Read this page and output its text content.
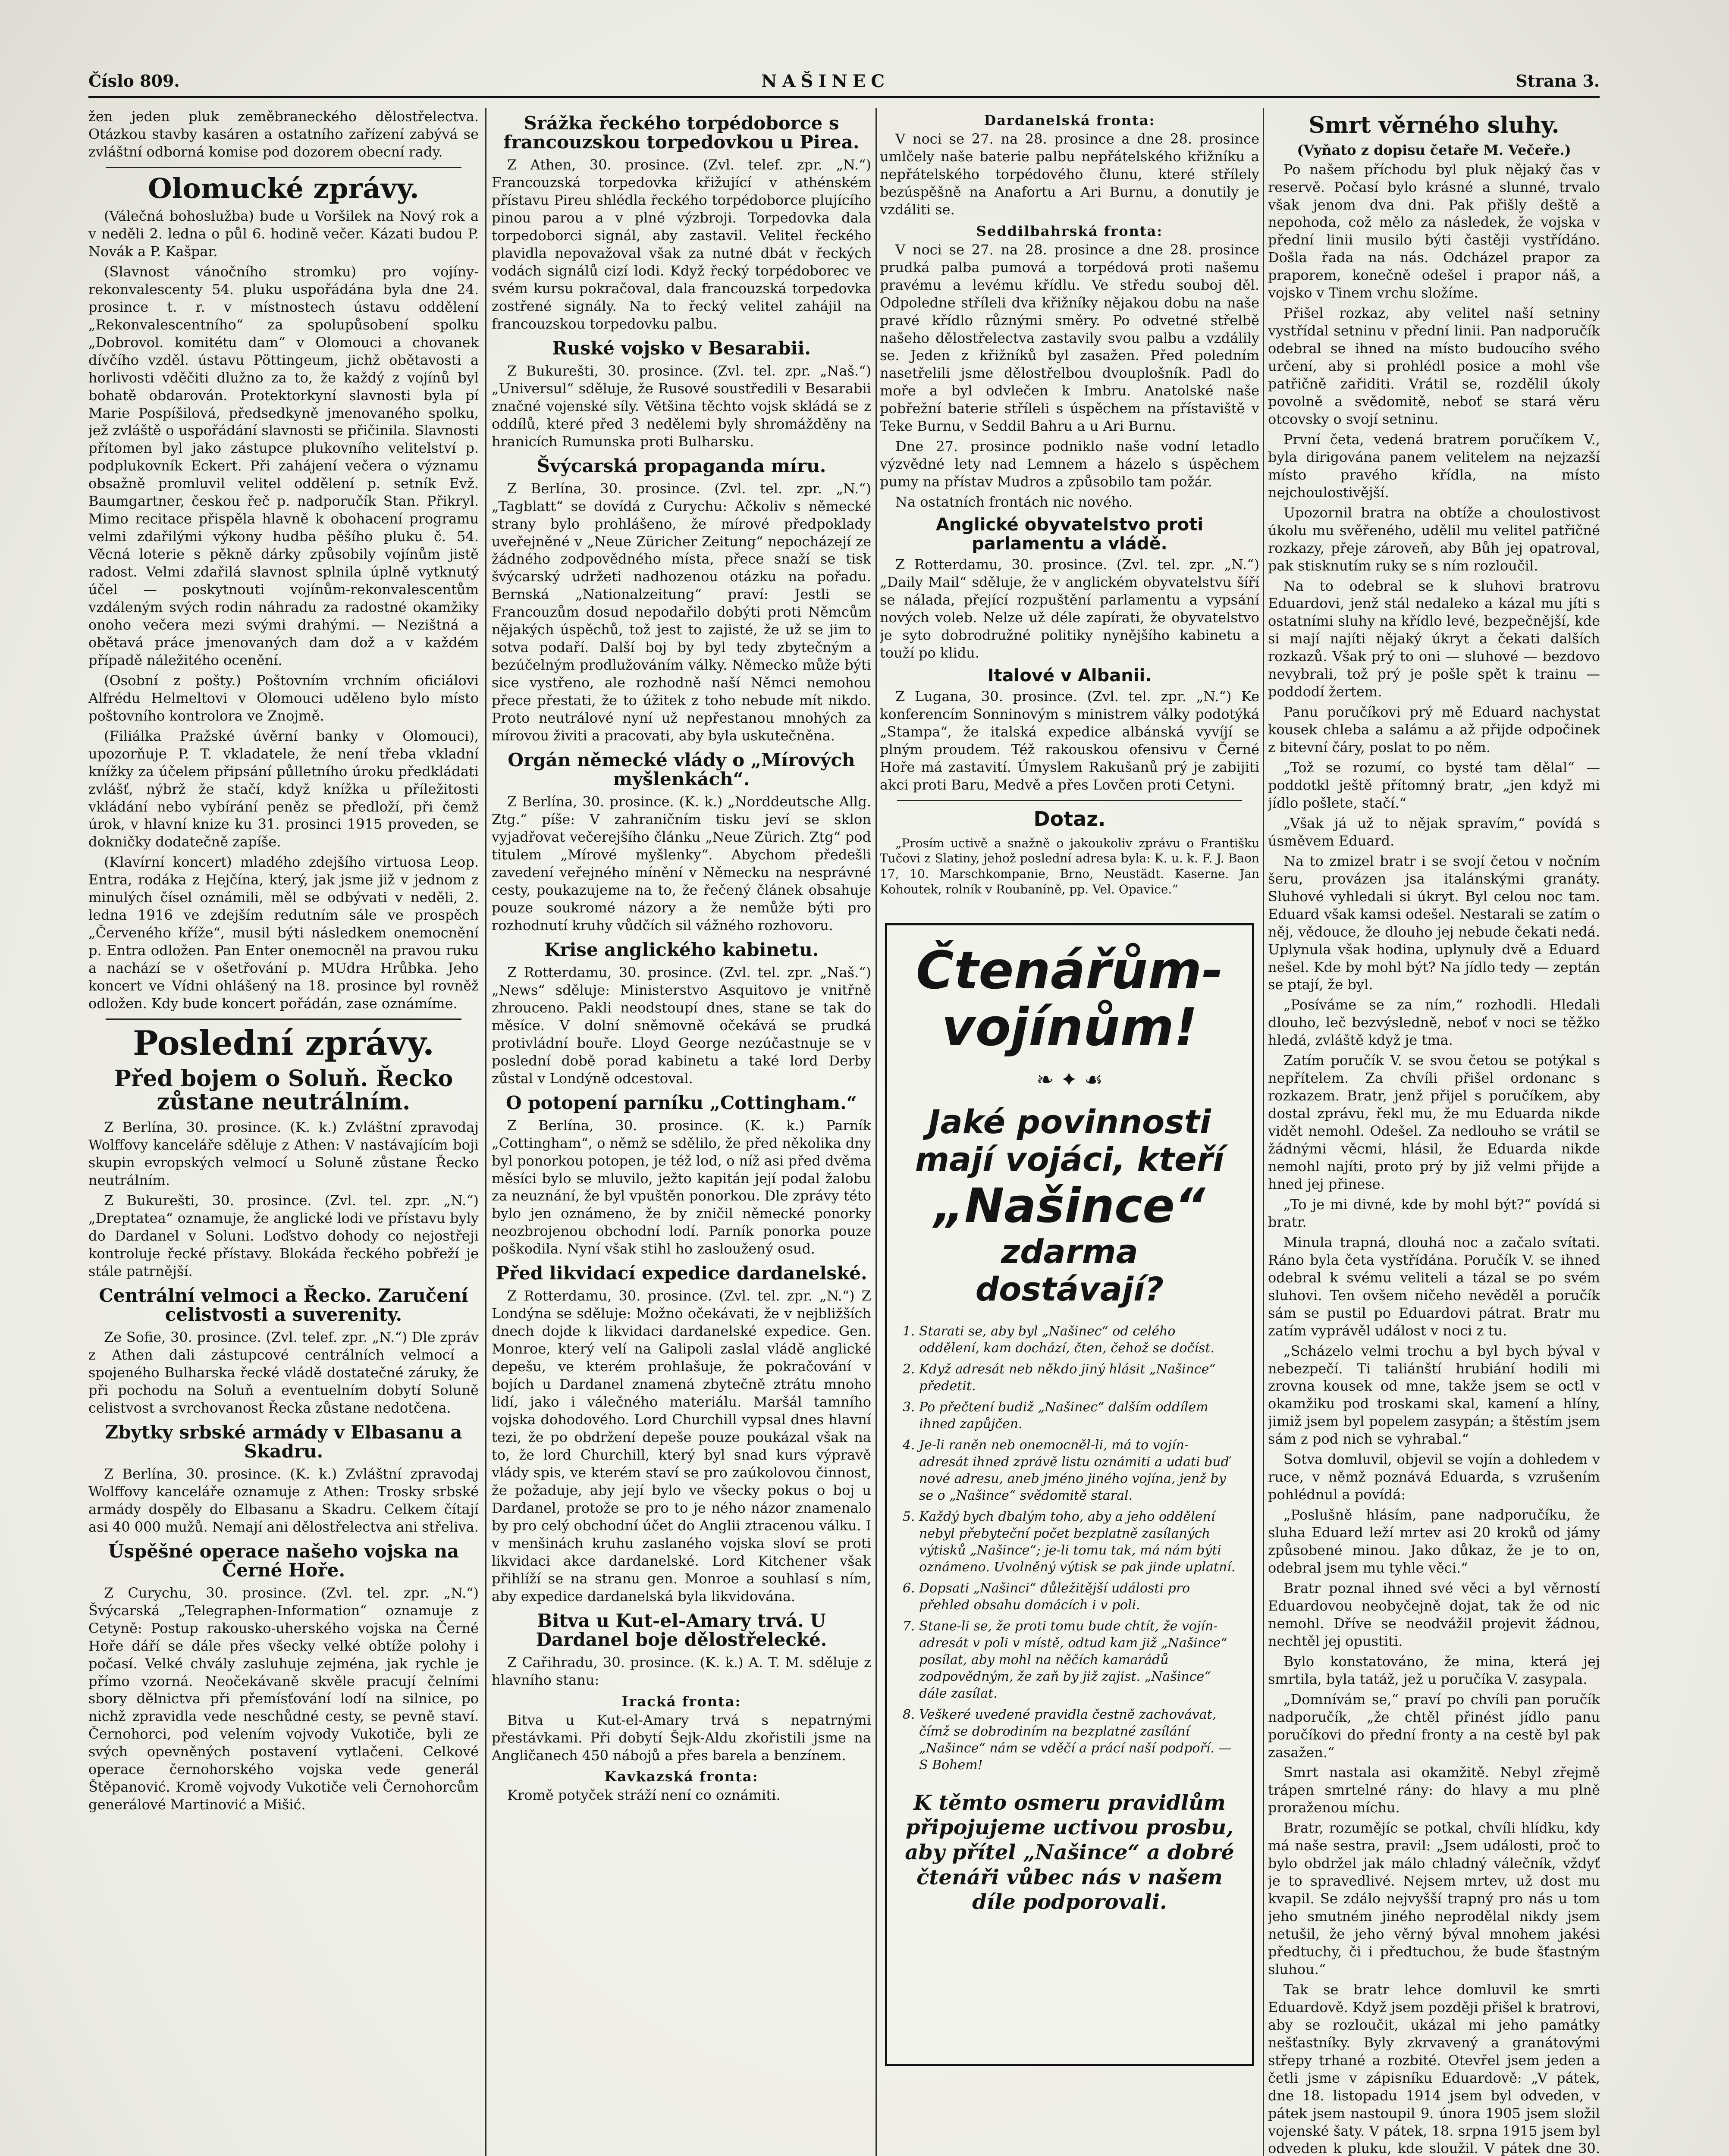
Číslo 809.	NAŠINEC	Strana 3.

žen jeden pluk zeměbraneckého dělostřelectva. Otázkou stavby kasáren a ostatního zařízení zabývá se zvláštní odborná komise pod dozorem obecní rady.

Olomucké zprávy.

(Válečná bohoslužba) bude u Voršilek na Nový rok a v neděli 2. ledna o půl 6. hodině večer. Kázati budou P. Novák a P. Kašpar.

(Slavnost vánočního stromku) pro vojíny-rekonvalescenty 54. pluku uspořádána byla dne 24. prosince t. r. v místnostech ústavu oddělení „Rekonvalescentního“ za spolupůsobení spolku „Dobrovol. komitétu dam“ v Olomouci a chovanek dívčího vzděl. ústavu Pöttingeum, jichž obětavosti a horlivosti vděčiti dlužno za to, že každý z vojínů byl bohatě obdarován. Protektorkyní slavnosti byla pí Marie Pospíšilová, předsedkyně jmenovaného spolku, jež zvláště o uspořádání slavnosti se přičinila. Slavnosti přítomen byl jako zástupce plukovního velitelství p. podplukovník Eckert. Při zahájení večera o významu obsažně promluvil velitel oddělení p. setník Evž. Baumgartner, českou řeč p. nadporučík Stan. Přikryl. Mimo recitace přispěla hlavně k obohacení programu velmi zdařilými výkony hudba pěšího pluku č. 54. Věcná loterie s pěkně dárky způsobily vojínům jistě radost. Velmi zdařilá slavnost splnila úplně vytknutý účel — poskytnouti vojínům-rekonvalescentům vzdáleným svých rodin náhradu za radostné okamžiky onoho večera mezi svými drahými. — Nezištná a obětavá práce jmenovaných dam dož a v každém případě náležitého ocenění.

(Osobní z pošty.) Poštovním vrchním oficiálovi Alfrédu Helmeltovi v Olomouci uděleno bylo místo poštovního kontrolora ve Znojmě.

(Filiálka Pražské úvěrní banky v Olomouci), upozorňuje P. T. vkladatele, že není třeba vkladní knížky za účelem připsání půlletního úroku předkládati zvlášť, nýbrž že stačí, když knížka u příležitosti vkládání nebo vybírání peněz se předloží, při čemž úrok, v hlavní knize ku 31. prosinci 1915 proveden, se dokničky dodatečně zapíše.

(Klavírní koncert) mladého zdejšího virtuosa Leop. Entra, rodáka z Hejčína, který, jak jsme již v jednom z minulých čísel oznámili, měl se odbývati v neděli, 2. ledna 1916 ve zdejším redutním sále ve prospěch „Červeného kříže“, musil býti následkem onemocnění p. Entra odložen. Pan Enter onemocněl na pravou ruku a nachází se v ošetřování p. MUdra Hrůbka. Jeho koncert ve Vídni ohlášený na 18. prosince byl rovněž odložen. Kdy bude koncert pořádán, zase oznámíme.

Poslední zprávy.
Před bojem o Soluň. Řecko zůstane neutrálním.

Z Berlína, 30. prosince. (K. k.) Zvláštní zpravodaj Wolffovy kanceláře sděluje z Athen: V nastávajícím boji skupin evropských velmocí u Soluně zůstane Řecko neutrálním.

Z Bukurešti, 30. prosince. (Zvl. tel. zpr. „N.“) „Dreptatea“ oznamuje, že anglické lodi ve přístavu byly do Dardanel v Soluni. Loďstvo dohody co nejostřeji kontroluje řecké přístavy. Blokáda řeckého pobřeží je stále patrnější.

Centrální velmoci a Řecko. Zaručení celistvosti a suverenity.

Ze Sofie, 30. prosince. (Zvl. telef. zpr. „N.“) Dle zpráv z Athen dali zástupcové centrálních velmocí a spojeného Bulharska řecké vládě dostatečné záruky, že při pochodu na Soluň a eventuelním dobytí Soluně celistvost a svrchovanost Řecka zůstane nedotčena.

Zbytky srbské armády v Elbasanu a Skadru.

Z Berlína, 30. prosince. (K. k.) Zvláštní zpravodaj Wolffovy kanceláře oznamuje z Athen: Trosky srbské armády dospěly do Elbasanu a Skadru. Celkem čítají asi 40 000 mužů. Nemají ani dělostřelectva ani střeliva.

Úspěšné operace našeho vojska na Černé Hoře.

Z Curychu, 30. prosince. (Zvl. tel. zpr. „N.“) Švýcarská „Telegraphen-Information“ oznamuje z Cetyně: Postup rakousko-uherského vojska na Černé Hoře dáří se dále přes všecky velké obtíže polohy i počasí. Velké chvály zasluhuje zejména, jak rychle je přímo vzorná. Neočekávaně skvěle pracují čelními sbory dělnictva při přemísťování lodí na silnice, po nichž zpravidla vede neschůdné cesty, se pevně staví. Černohorci, pod velením vojvody Vukotiče, byli ze svých opevněných postavení vytlačeni. Celkové operace černohorského vojska vede generál Štěpanović. Kromě vojvody Vukotiče veli Černohorcům generálové Martinović a Mišić.

Srážka řeckého torpédoborce s francouzskou torpedovkou u Pirea.

Z Athen, 30. prosince. (Zvl. telef. zpr. „N.“) Francouzská torpedovka křižující v athénském přístavu Pireu shlédla řeckého torpédoborce plujícího pinou parou a v plné výzbroji. Torpedovka dala torpedoborci signál, aby zastavil. Velitel řeckého plavidla nepovažoval však za nutné dbát v řeckých vodách signálů cizí lodi. Když řecký torpédoborec ve svém kursu pokračoval, dala francouzská torpedovka zostřené signály. Na to řecký velitel zahájil na francouzskou torpedovku palbu.

Ruské vojsko v Besarabii.

Z Bukurešti, 30. prosince. (Zvl. tel. zpr. „Naš.“) „Universul“ sděluje, že Rusové soustředili v Besarabii značné vojenské síly. Většina těchto vojsk skládá se z oddílů, které před 3 nedělemi byly shromážděny na hranicích Rumunska proti Bulharsku.

Švýcarská propaganda míru.

Z Berlína, 30. prosince. (Zvl. tel. zpr. „N.“) „Tagblatt“ se dovídá z Curychu: Ačkoliv s německé strany bylo prohlášeno, že mírové předpoklady uveřejněné v „Neue Züricher Zeitung“ nepocházejí ze žádného zodpovědného místa, přece snaží se tisk švýcarský udržeti nadhozenou otázku na pořadu. Bernská „Nationalzeitung“ praví: Jestli se Francouzům dosud nepodařilo dobýti proti Němcům nějakých úspěchů, tož jest to zajisté, že už se jim to sotva podaří. Další boj by byl tedy zbytečným a bezúčelným prodlužováním války. Německo může býti sice vystřeno, ale rozhodně naší Němci nemohou přece přestati, že to úžitek z toho nebude mít nikdo. Proto neutrálové nyní už nepřestanou mnohých za mírovou živiti a pracovati, aby byla uskutečněna.

Orgán německé vlády o „Mírových myšlenkách“.

Z Berlína, 30. prosince. (K. k.) „Norddeutsche Allg. Ztg.“ píše: V zahraničním tisku jeví se sklon vyjadřovat večerejšího článku „Neue Zürich. Ztg“ pod titulem „Mírové myšlenky“. Abychom předešli zavedení veřejného mínění v Německu na nesprávné cesty, poukazujeme na to, že řečený článek obsahuje pouze soukromé názory a že nemůže býti pro rozhodnutí kruhy vůdčích sil vážného rozhovoru.

Krise anglického kabinetu.

Z Rotterdamu, 30. prosince. (Zvl. tel. zpr. „Naš.“) „News“ sděluje: Ministerstvo Asquitovo je vnitřně zhrouceno. Pakli neodstoupí dnes, stane se tak do měsíce. V dolní sněmovně očekává se prudká protivládní bouře. Lloyd George nezúčastnuje se v poslední době porad kabinetu a také lord Derby zůstal v Londýně odcestoval.

O potopení parníku „Cottingham.“

Z Berlína, 30. prosince. (K. k.) Parník „Cottingham“, o němž se sdělilo, že před několika dny byl ponorkou potopen, je též lod, o níž asi před dvěma měsíci bylo se mluvilo, ježto kapitán její podal žalobu za neuznání, že byl vpuštěn ponorkou. Dle zprávy této bylo jen oznámeno, že by zničil německé ponorky neozbrojenou obchodní lodí. Parník ponorka pouze poškodila. Nyní však stihl ho zasloužený osud.

Před likvidací expedice dardanelské.

Z Rotterdamu, 30. prosince. (Zvl. tel. zpr. „N.“) Z Londýna se sděluje: Možno očekávati, že v nejbližších dnech dojde k likvidaci dardanelské expedice. Gen. Monroe, který velí na Galipoli zaslal vládě anglické depešu, ve kterém prohlašuje, že pokračování v bojích u Dardanel znamená zbytečně ztrátu mnoho lidí, jako i válečného materiálu. Maršál tamního vojska dohodového. Lord Churchill vypsal dnes hlavní tezi, že po obdržení depeše pouze poukázal však na to, že lord Churchill, který byl snad kurs výpravě vlády spis, ve kterém staví se pro zaúkolovou činnost, že požaduje, aby její bylo ve všecky pokus o boj u Dardanel, protože se pro to je ného názor znamenalo by pro celý obchodní účet do Anglii ztracenou válku. I v menšinách kruhu zaslaného vojska sloví se proti likvidaci akce dardanelské. Lord Kitchener však přihlíží se na stranu gen. Monroe a souhlasí s ním, aby expedice dardanelská byla likvidována.

Bitva u Kut-el-Amary trvá. U Dardanel boje dělostřelecké.

Z Cařihradu, 30. prosince. (K. k.) A. T. M. sděluje z hlavního stanu:

Iracká fronta:

Bitva u Kut-el-Amary trvá s nepatrnými přestávkami. Při dobytí Šejk-Aldu zkořistili jsme na Angličanech 450 nábojů a přes barela a benzínem.

Kavkazská fronta:

Kromě potyček stráží není co oznámiti.

Dardanelská fronta:

V noci se 27. na 28. prosince a dne 28. prosince umlčely naše baterie palbu nepřátelského křižníku a nepřátelského torpédového člunu, které střílely bezúspěšně na Anafortu a Ari Burnu, a donutily je vzdáliti se.

Seddilbahrská fronta:

V noci se 27. na 28. prosince a dne 28. prosince prudká palba pumová a torpédová proti našemu pravému a levému křídlu. Ve středu souboj děl. Odpoledne stříleli dva křižníky nějakou dobu na naše pravé křídlo různými směry. Po odvetné střelbě našeho dělostřelectva zastavily svou palbu a vzdálily se. Jeden z křižníků byl zasažen. Před poledním nasetřelili jsme dělostřelbou dvouplošník. Padl do moře a byl odvlečen k Imbru. Anatolské naše pobřežní baterie stříleli s úspěchem na přístaviště v Teke Burnu, v Seddil Bahru a u Ari Burnu.

Dne 27. prosince podniklo naše vodní letadlo výzvědné lety nad Lemnem a házelo s úspěchem pumy na přístav Mudros a způsobilo tam požár.

Na ostatních frontách nic nového.

Anglické obyvatelstvo proti parlamentu a vládě.

Z Rotterdamu, 30. prosince. (Zvl. tel. zpr. „N.“) „Daily Mail“ sděluje, že v anglickém obyvatelstvu šíří se nálada, přející rozpuštění parlamentu a vypsání nových voleb. Nelze už déle zapírati, že obyvatelstvo je syto dobrodružné politiky nynějšího kabinetu a touží po klidu.

Italové v Albanii.

Z Lugana, 30. prosince. (Zvl. tel. zpr. „N.“) Ke konferencím Sonninovým s ministrem války podotýká „Stampa“, že italská expedice albánská vyvíjí se plným proudem. Též rakouskou ofensivu v Černé Hoře má zastavití. Úmyslem Rakušanů prý je zabijiti akci proti Baru, Medvě a přes Lovčen proti Cetyni.

Dotaz.

„Prosím uctivě a snažně o jakoukoliv zprávu o Františku Tučovi z Slatiny, jehož poslední adresa byla: K. u. k. F. J. Baon 17, 10. Marschkompanie, Brno, Neustädt. Kaserne. Jan Kohoutek, rolník v Roubaníně, pp. Vel. Opavice.“

Čtenářům-
vojínům!
❧ ✦ ☙
Jaké povinnosti
mají vojáci, kteří
„Našince“
zdarma dostávají?
1. Starati se, aby byl „Našinec“ od celého oddělení, kam dochází, čten, čehož se dočíst.
2. Když adresát neb někdo jiný hlásit „Našince“ předetit.
3. Po přečtení budiž „Našinec“ dalším oddílem ihned zapůjčen.
4. Je-li raněn neb onemocněl-li, má to vojín-adresát ihned zprávě listu oznámiti a udati buď nové adresu, aneb jméno jiného vojína, jenž by se o „Našince“ svědomitě staral.
5. Každý bych dbalým toho, aby a jeho oddělení nebyl přebyteční počet bezplatně zasílaných výtisků „Našince“; je-li tomu tak, má nám býti oznámeno. Uvolněný výtisk se pak jinde uplatní.
6. Dopsati „Našinci“ důležitější události pro přehled obsahu domácích i v poli.
7. Stane-li se, že proti tomu bude chtít, že vojín-adresát v poli v místě, odtud kam již „Našince“ posílat, aby mohl na něčích kamarádů zodpovědným, že zaň by již zajist. „Našince“ dále zasílat.
8. Veškeré uvedené pravidla čestně zachovávat, čímž se dobrodiním na bezplatné zasílání „Našince“ nám se vděčí a prácí naší podpoří. — S Bohem!
K těmto osmeru pravidlům připojujeme uctivou prosbu, aby přítel „Našince“ a dobré čtenáři vůbec nás v našem díle podporovali.
Smrt věrného sluhy.
(Vyňato z dopisu četaře M. Večeře.)

Po našem příchodu byl pluk nějaký čas v reservě. Počasí bylo krásné a slunné, trvalo však jenom dva dni. Pak přišly deště a nepohoda, což mělo za následek, že vojska v přední linii musilo býti častěji vystřídáno. Došla řada na nás. Odcházel prapor za praporem, konečně odešel i prapor náš, a vojsko v Tinem vrchu složíme.

Přišel rozkaz, aby velitel naší setniny vystřídal setninu v přední linii. Pan nadporučík odebral se ihned na místo budoucího svého určení, aby si prohlédl posice a mohl vše patřičně zařiditi. Vrátil se, rozdělil úkoly povolně a svědomitě, neboť se stará věru otcovsky o svojí setninu.

První četa, vedená bratrem poručíkem V., byla dirigována panem velitelem na nejzazší místo pravého křídla, na místo nejchoulostivější.

Upozornil bratra na obtíže a choulostivost úkolu mu svěřeného, udělil mu velitel patřičné rozkazy, přeje zároveň, aby Bůh jej opatroval, pak stisknutím ruky se s ním rozloučil.

Na to odebral se k sluhovi bratrovu Eduardovi, jenž stál nedaleko a kázal mu jíti s ostatními sluhy na křídlo levé, bezpečnější, kde si mají najíti nějaký úkryt a čekati dalších rozkazů. Však prý to oni — sluhové — bezdovo nevybrali, tož prý je pošle spět k trainu — poddodí žertem.

Panu poručíkovi prý mě Eduard nachystat kousek chleba a salámu a až přijde odpočinek z bitevní čáry, poslat to po něm.

„Tož se rozumí, co bysté tam dělal“ — poddotkl ještě přítomný bratr, „jen když mi jídlo pošlete, stačí.“

„Však já už to nějak spravím,“ povídá s úsměvem Eduard.

Na to zmizel bratr i se svojí četou v nočním šeru, provázen jsa italánskými granáty. Sluhové vyhledali si úkryt. Byl celou noc tam. Eduard však kamsi odešel. Nestarali se zatím o něj, vědouce, že dlouho jej nebude čekati nedá. Uplynula však hodina, uplynuly dvě a Eduard nešel. Kde by mohl být? Na jídlo tedy — zeptán se ptají, že byl.

„Posíváme se za ním,“ rozhodli. Hledali dlouho, leč bezvýsledně, neboť v noci se těžko hledá, zvláště když je tma.

Zatím poručík V. se svou četou se potýkal s nepřítelem. Za chvíli přišel ordonanc s rozkazem. Bratr, jenž přijel s poručíkem, aby dostal zprávu, řekl mu, že mu Eduarda nikde vidět nemohl. Odešel. Za nedlouho se vrátil se žádnými věcmi, hlásil, že Eduarda nikde nemohl najíti, proto prý by již velmi přijde a hned jej přinese.

„To je mi divné, kde by mohl být?“ povídá si bratr.

Minula trapná, dlouhá noc a začalo svítati. Ráno byla četa vystřídána. Poručík V. se ihned odebral k svému veliteli a tázal se po svém sluhovi. Ten ovšem ničeho nevěděl a poručík sám se pustil po Eduardovi pátrat. Bratr mu zatím vyprávěl událost v noci z tu.

„Scházelo velmi trochu a byl bych býval v nebezpečí. Ti taliánští hrubiání hodili mi zrovna kousek od mne, takže jsem se octl v okamžiku pod troskami skal, kamení a hlíny, jimiž jsem byl popelem zasypán; a štěstím jsem sám z pod nich se vyhrabal.“

Sotva domluvil, objevil se vojín a dohledem v ruce, v němž poznává Eduarda, s vzrušením pohlédnul a povídá:

„Poslušně hlásím, pane nadporučíku, že sluha Eduard leží mrtev asi 20 kroků od jámy způsobené minou. Jako důkaz, že je to on, odebral jsem mu tyhle věci.“

Bratr poznal ihned své věci a byl věrností Eduardovou neobyčejně dojat, tak že od nic nemohl. Dříve se neodvážil projevit žádnou, nechtěl jej opustiti.

Bylo konstatováno, že mina, která jej smrtila, byla tatáž, jež u poručíka V. zasypala.

„Domnívám se,“ praví po chvíli pan poručík nadporučík, „že chtěl přinést jídlo panu poručíkovi do přední fronty a na cestě byl pak zasažen.“

Smrt nastala asi okamžitě. Nebyl zřejmě trápen smrtelné rány: do hlavy a mu plně proraženou míchu.

Bratr, rozumějíc se potkal, chvíli hlídku, kdy má naše sestra, pravil: „Jsem události, proč to bylo obdržel jak málo chladný válečník, vždyť je to spravedlivé. Nejsem mrtev, už dost mu kvapil. Se zdálo nejvyšší trapný pro nás u tom jeho smutném jiného neprodělal nikdy jsem netušil, že jeho věrný býval mnohem jakési předtuchy, či i předtuchou, že bude šťastným sluhou.“

Tak se bratr lehce domluvil ke smrti Eduardově. Když jsem později přišel k bratrovi, aby se rozloučit, ukázal mi jeho památky nešťastníky. Byly zkrvavený a granátovými střepy trhané a rozbité. Otevřel jsem jeden a četli jsme v zápisníku Eduardově: „V pátek, dne 18. listopadu 1914 jsem byl odveden, v pátek jsem nastoupil 9. února 1905 jsem složil vojenské šaty. V pátek, 18. srpna 1915 jsem byl odveden k pluku, kde sloužil. V pátek dne 30.
